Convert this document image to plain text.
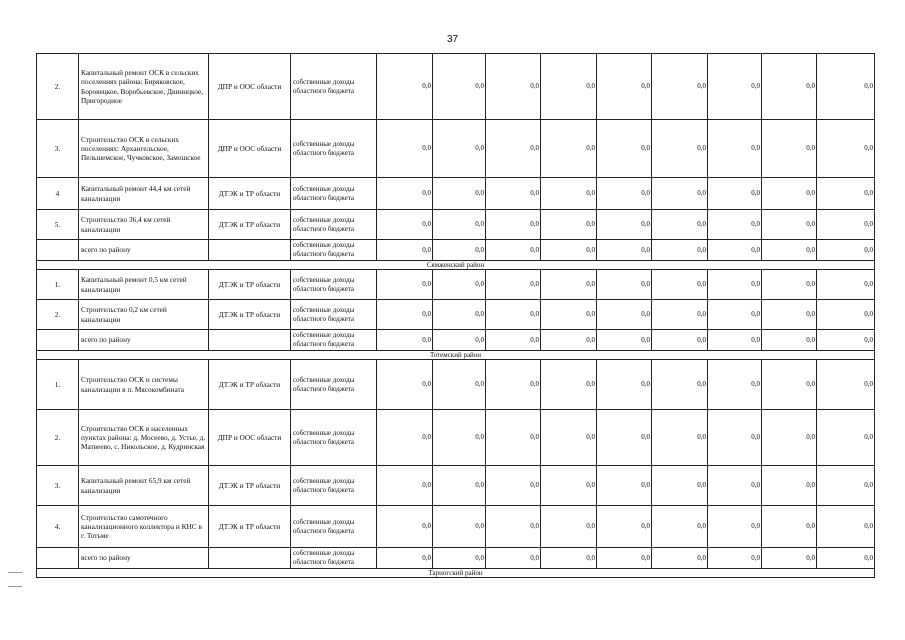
37
2.	Капитальный ремонт ОСК в сельских поселениях района: Биряковское, Боровецкое, Воробьевское, Двиницкое, Пригородное	ДПР и ООС области	собственные доходы областного бюджета	0,0	0,0	0,0	0,0	0,0	0,0	0,0	0,0	0,0
3.	Строительство ОСК в сельских поселениях: Архангельское, Пельшемское, Чучковское, Замошское	ДПР и ООС области	собственные доходы областного бюджета	0,0	0,0	0,0	0,0	0,0	0,0	0,0	0,0	0,0
4	Капитальный ремонт 44,4 км сетей канализации	ДТЭК и ТР области	собственные доходы областного бюджета	0,0	0,0	0,0	0,0	0,0	0,0	0,0	0,0	0,0
5.	Строительство 36,4 км сетей канализации	ДТЭК и ТР области	собственные доходы областного бюджета	0,0	0,0	0,0	0,0	0,0	0,0	0,0	0,0	0,0
	всего по району		собственные доходы областного бюджета	0,0	0,0	0,0	0,0	0,0	0,0	0,0	0,0	0,0
Сямженский район												
1.	Капитальный ремонт 0,5 км сетей канализации	ДТЭК и ТР области	собственные доходы областного бюджета	0,0	0,0	0,0	0,0	0,0	0,0	0,0	0,0	0,0
2.	Строительство 0,2 км сетей канализации	ДТЭК и ТР области	собственные доходы областного бюджета	0,0	0,0	0,0	0,0	0,0	0,0	0,0	0,0	0,0
	всего по району		собственные доходы областного бюджета	0,0	0,0	0,0	0,0	0,0	0,0	0,0	0,0	0,0
Тотемский район												
1.	Строительство ОСК и системы канализации в п. Мясокомбината	ДТЭК и ТР области	собственные доходы областного бюджета	0,0	0,0	0,0	0,0	0,0	0,0	0,0	0,0	0,0
2.	Строительство ОСК в населенных пунктах района: д. Мосеево, д. Устье, д. Матвеево, с. Никольское, д. Кудринская	ДПР и ООС области	собственные доходы областного бюджета	0,0	0,0	0,0	0,0	0,0	0,0	0,0	0,0	0,0
3.	Капитальный ремонт 65,9 км сетей канализации	ДТЭК и ТР области	собственные доходы областного бюджета	0,0	0,0	0,0	0,0	0,0	0,0	0,0	0,0	0,0
4.	Строительство самотечного канализационного коллектора и КНС в г. Тотьме	ДТЭК и ТР области	собственные доходы областного бюджета	0,0	0,0	0,0	0,0	0,0	0,0	0,0	0,0	0,0
	всего по району		собственные доходы областного бюджета	0,0	0,0	0,0	0,0	0,0	0,0	0,0	0,0	0,0
Тарногский район												
